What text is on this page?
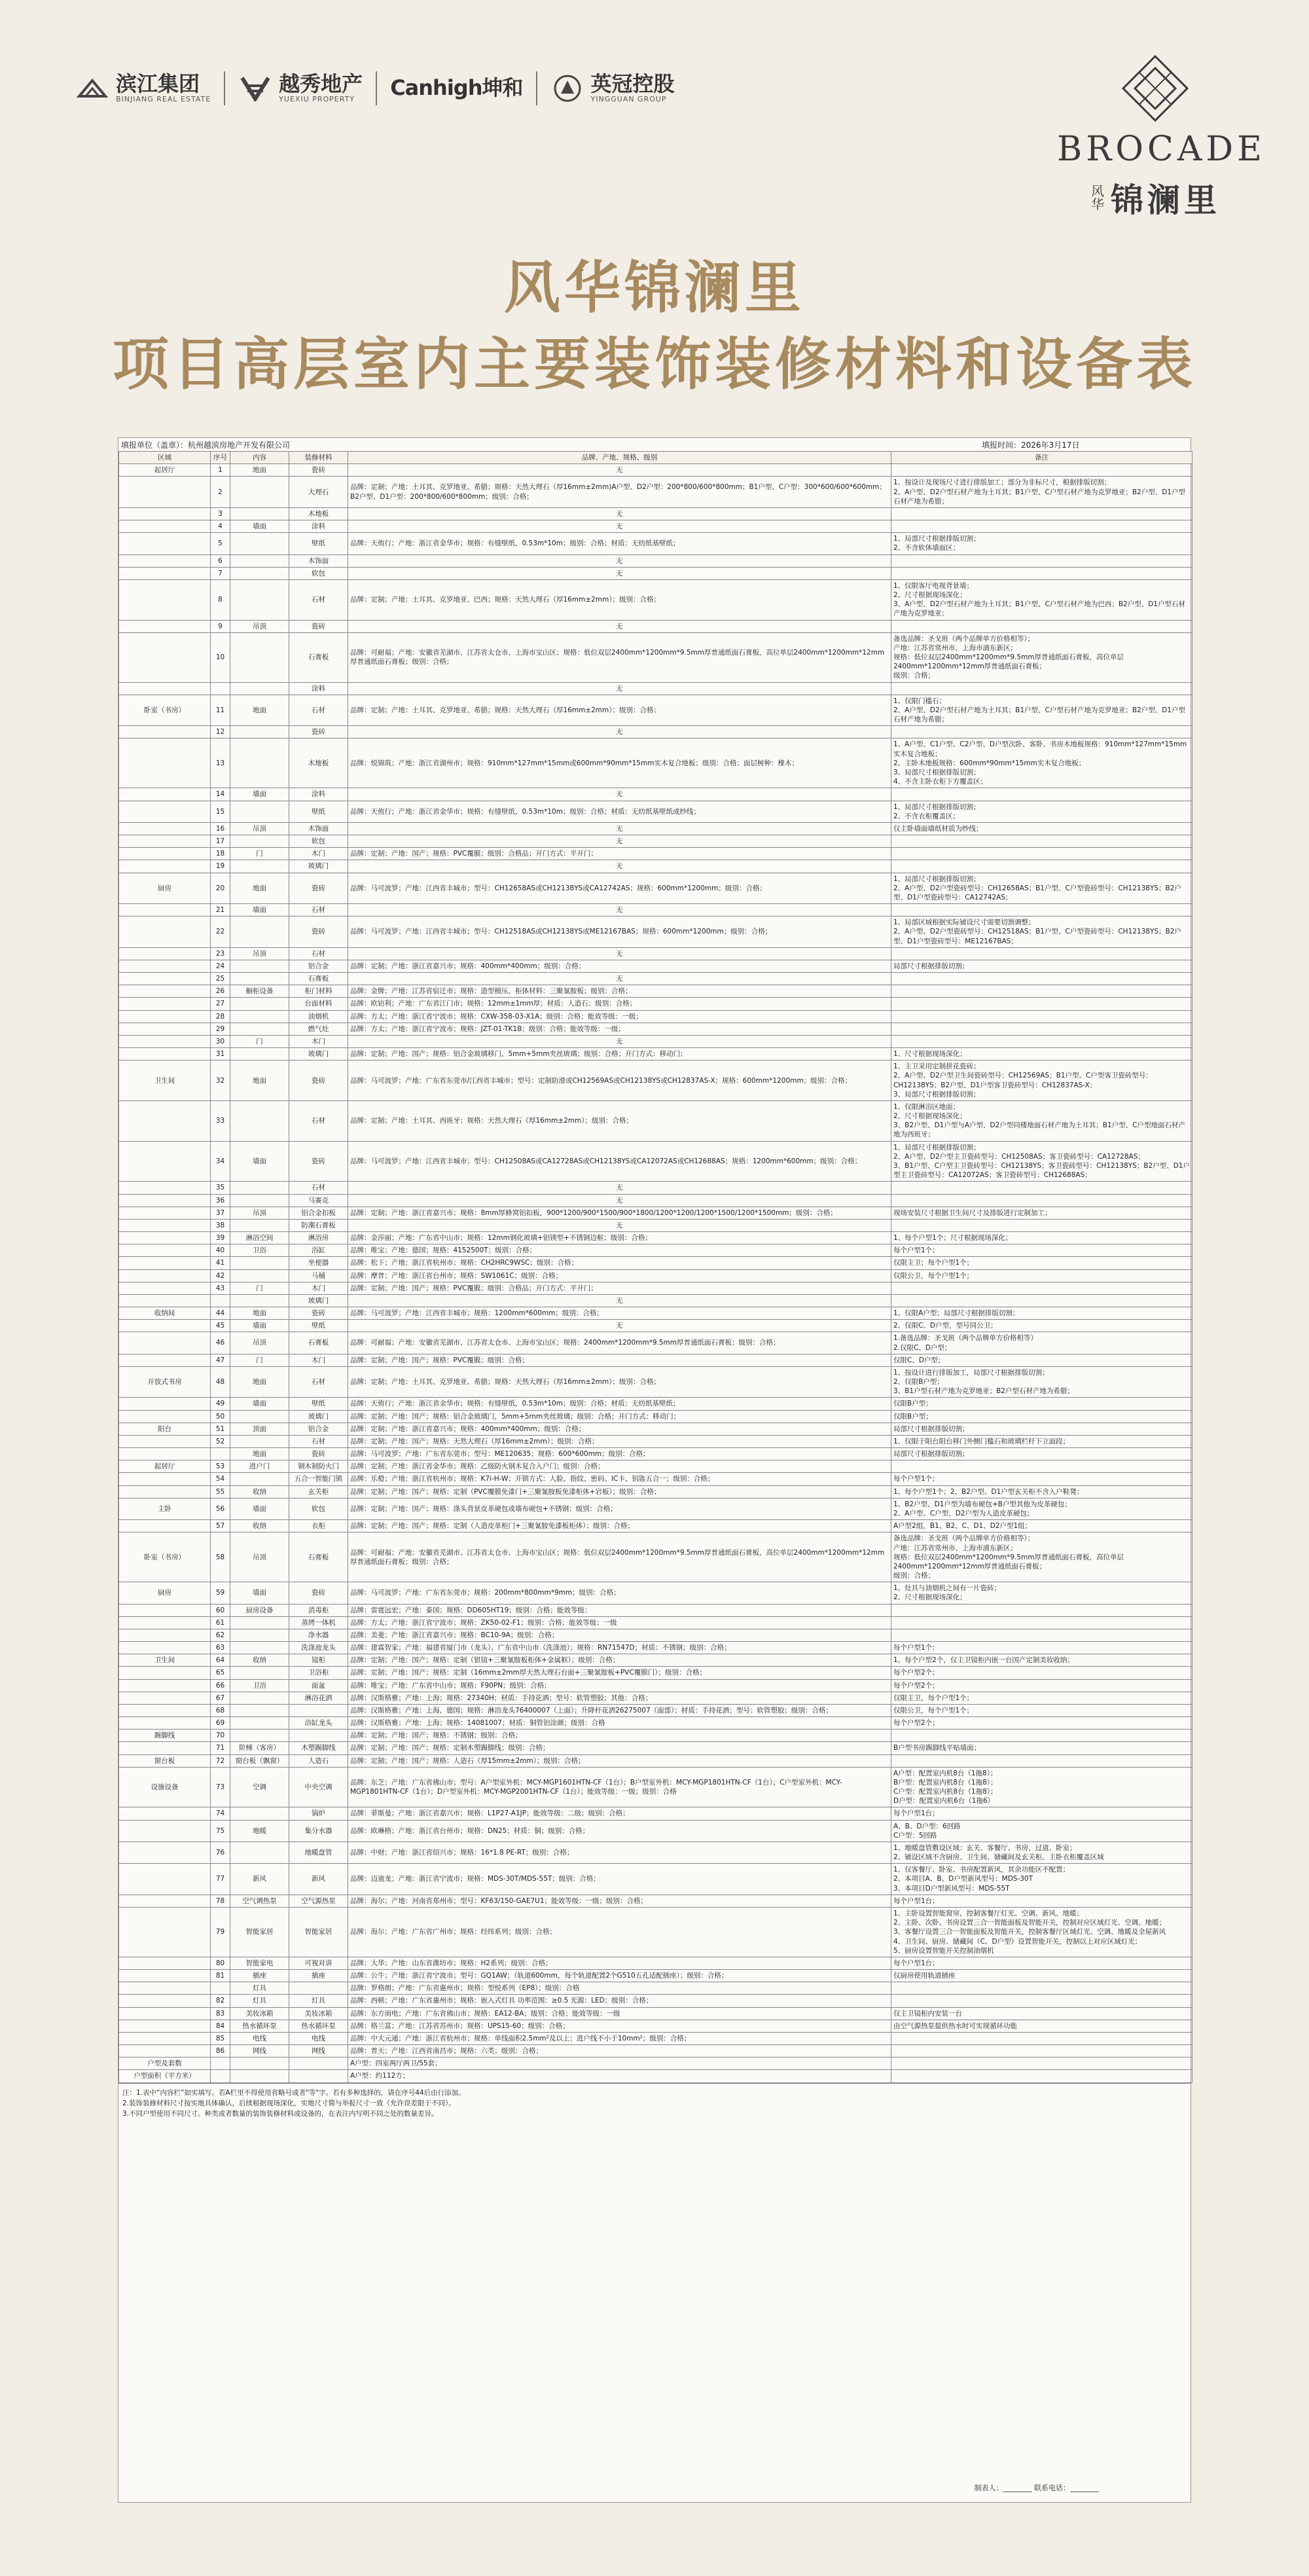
滨江集团
BINJIANG REAL ESTATE
越秀地产
YUEXIU PROPERTY	Canhigh坤和	英冠控股
YINGGUAN GROUP
BROCADE
风华 锦澜里
风华锦澜里
项目高层室内主要装饰装修材料和设备表
填报单位（盖章）：杭州越滨房地产开发有限公司	填报时间：2026年3月17日
区域	序号	内容	装修材料	品牌、产地、规格、级别	备注
起居厅	1	地面	瓷砖	无	
	2		大理石	品牌：定制；产地：土耳其、克罗地亚、希腊；规格：天然大理石（厚16mm±2mm)A户型、D2户型：200*800/600*800mm；B1户型、C户型：300*600/600*600mm；B2户型、D1户型：200*800/600*800mm；级别：合格；	1、按设计及现场尺寸进行排版加工；部分为非标尺寸，根据排版切割；
2、A户型、D2户型石材产地为土耳其；B1户型、C户型石材产地为克罗地亚；B2户型、D1户型石材产地为希腊；
	3		木地板	无	
	4	墙面	涂料	无	
	5		壁纸	品牌：天侑行；产地：浙江省金华市；规格：有缝壁纸，0.53m*10m；级别：合格；材质：无纺纸基壁纸；	1、局部尺寸根据排版切割；
2、不含软体墙面区；
	6		木饰面	无	
	7		软包	无	
	8		石材	品牌：定制；产地：土耳其、克罗地亚、巴西；规格：天然大理石（厚16mm±2mm）；级别：合格；	1、仅限客厅电视背景墙；
2、尺寸根据现场深化；
3、A户型、D2户型石材产地为土耳其；B1户型、C户型石材产地为巴西；B2户型、D1户型石材产地为克罗地亚；
	9	吊顶	瓷砖	无	
	10		石膏板	品牌：可耐福；产地：安徽省芜湖市、江苏省太仓市、上海市宝山区；规格：低位双层2400mm*1200mm*9.5mm厚普通纸面石膏板，高位单层2400mm*1200mm*12mm厚普通纸面石膏板；级别：合格；	备选品牌：圣戈班（两个品牌单方价格相等）；
产地：江苏省常州市、上海市浦东新区；
规格：低位双层2400mm*1200mm*9.5mm厚普通纸面石膏板，高位单层2400mm*1200mm*12mm厚普通纸面石膏板；
级别：合格；
			涂料	无	
卧室（书房）	11	地面	石材	品牌：定制；产地：土耳其、克罗地亚、希腊；规格：天然大理石（厚16mm±2mm）；级别：合格；	1、仅限门槛石；
2、A户型、D2户型石材产地为土耳其；B1户型、C户型石材产地为克罗地亚；B2户型、D1户型石材产地为希腊；
	12		瓷砖	无	
	13		木地板	品牌：悦锦筑；产地：浙江省湖州市；规格：910mm*127mm*15mm或600mm*90mm*15mm实木复合地板；级别：合格；面层树种：橡木；	1、A户型、C1户型、C2户型、D户型次卧、客卧、书房木地板规格：910mm*127mm*15mm实木复合地板；
2、主卧木地板规格：600mm*90mm*15mm实木复合地板；
3、局部尺寸根据排版切割；
4、不含主卧衣柜下方覆盖区；
	14	墙面	涂料	无	
	15		壁纸	品牌：天侑行；产地：浙江省金华市；规格：有缝壁纸，0.53m*10m；级别：合格；材质：无纺纸基壁纸或纱线；	1、局部尺寸根据排版切割；
2、不含衣柜覆盖区；
	16	吊顶	木饰面	无	仅主卧墙面墙纸材质为纱线；
	17		软包	无	
	18	门	木门	品牌：定制；产地：国产；规格：PVC覆膜；级别：合格品；开门方式：平开门；	
	19		玻璃门	无	
厨房	20	地面	瓷砖	品牌：马可波罗；产地：江西省丰城市；型号：CH12658AS或CH12138YS或CA12742AS；规格：600mm*1200mm；级别：合格；	1、局部尺寸根据排版切割；
2、A户型、D2户型瓷砖型号：CH12658AS；B1户型、C户型瓷砖型号：CH12138YS；B2户型、D1户型瓷砖型号：CA12742AS；
	21	墙面	石材	无	
	22		瓷砖	品牌：马可波罗；产地：江西省丰城市；型号：CH12518AS或CH12138YS或ME12167BAS；规格：600mm*1200mm；级别：合格；	1、局部区域根据实际铺设尺寸需要切割调整；
2、A户型、D2户型瓷砖型号：CH12518AS；B1户型、C户型瓷砖型号：CH12138YS；B2户型、D1户型瓷砖型号：ME12167BAS；
	23	吊顶	石材	无	
	24		铝合金	品牌：定制；产地：浙江省嘉兴市；规格：400mm*400mm；级别：合格；	局部尺寸根据排版切割；
	25		石膏板	无	
	26	橱柜设备	柜门材料	品牌：金牌；产地：江苏省宿迁市；规格：造型模压，柜体材料：三聚氰胺板；级别：合格；	
	27		台面材料	品牌：欧铂利；产地：广东省江门市；规格：12mm±1mm厚；材质：人造石；级别：合格；	
	28		油烟机	品牌：方太；产地：浙江省宁波市；规格：CXW-358-03-X1A；级别：合格；能效等级：一级；	
	29		燃气灶	品牌：方太；产地：浙江省宁波市；规格：JZT-01-TK1B；级别：合格；能效等级：一级；	
	30	门	木门	无	
	31		玻璃门	品牌：定制；产地：国产；规格：铝合金玻璃移门，5mm+5mm夹丝玻璃；级别：合格；开门方式：移动门；	1、尺寸根据现场深化；
卫生间	32	地面	瓷砖	品牌：马可波罗；产地：广东省东莞市/江西省丰城市；型号：定制防滑或CH12569AS或CH12138YS或CH12837AS-X；规格：600mm*1200mm；级别：合格；	1、主卫采用定制拼花瓷砖；
2、A户型、D2户型卫生间瓷砖型号：CH12569AS；B1户型、C户型客卫瓷砖型号：CH12138YS；B2户型、D1户型客卫瓷砖型号：CH12837AS-X；
3、局部尺寸根据排版切割；
	33		石材	品牌：定制；产地：土耳其、西班牙；规格：天然大理石（厚16mm±2mm）；级别：合格；	1、仅限淋浴区地面；
2、尺寸根据现场深化；
3、B2户型、D1户型与A户型、D2户型同楼地面石材产地为土耳其；B1户型、C户型地面石材产地为西班牙；
	34	墙面	瓷砖	品牌：马可波罗；产地：江西省丰城市；型号：CH12508AS或CA12728AS或CH12138YS或CA12072AS或CH12688AS；规格：1200mm*600mm；级别：合格；	1、局部尺寸根据排版切割；
2、A户型、D2户型主卫瓷砖型号：CH12508AS；客卫瓷砖型号：CA12728AS；
3、B1户型、C户型主卫瓷砖型号：CH12138YS；客卫瓷砖型号：CH12138YS；B2户型、D1户型主卫瓷砖型号：CA12072AS；客卫瓷砖型号：CH12688AS；
	35		石材	无	
	36		马赛克	无	
	37	吊顶	铝合金扣板	品牌：定制；产地：浙江省嘉兴市；规格：8mm厚蜂窝铝扣板，900*1200/900*1500/900*1800/1200*1200/1200*1500/1200*1500mm；级别：合格；	现场安装尺寸根据卫生间尺寸及排版进行定制加工；
	38		防潮石膏板	无	
	39	淋浴空间	淋浴房	品牌：金莎丽；产地：广东省中山市；规格：12mm钢化玻璃+铝镁型+不锈钢边框；级别：合格；	1、每个户型1个；尺寸根据现场深化；
	40	卫浴	浴缸	品牌：唯宝；产地：德国；规格：4152500T；级别：合格；	每个户型1个；
	41		坐便器	品牌：松下；产地：浙江省杭州市；规格：CH2HRC9WSC；级别：合格；	仅限主卫；每个户型1个；
	42		马桶	品牌：摩普；产地：浙江省台州市；规格：SW1061C；级别：合格；	仅限公卫，每个户型1个；
	43	门	木门	品牌：定制；产地：国产；规格：PVC覆膜；级别：合格品；开门方式：平开门；	
			玻璃门	无	
收纳间	44	地面	瓷砖	品牌：马可波罗；产地：江西省丰城市；规格：1200mm*600mm；级别：合格；	1、仅限A户型；局部尺寸根据排版切割；
	45	墙面	壁纸	无	2、仅限C、D户型，型号同公卫；
	46	吊顶	石膏板	品牌：可耐福；产地：安徽省芜湖市、江苏省太仓市、上海市宝山区；规格：2400mm*1200mm*9.5mm厚普通纸面石膏板；级别：合格；	1.备选品牌：圣戈班（两个品牌单方价格相等）
2.仅限C、D户型；
	47	门	木门	品牌：定制；产地：国产；规格：PVC覆膜；级别：合格；	仅限C、D户型；
开放式书房	48	地面	石材	品牌：定制；产地：土耳其、克罗地亚、希腊；规格：天然大理石（厚16mm±2mm）；级别：合格；	1、按设计进行排版加工，局部尺寸根据排版切割；
2、仅限B户型；
3、B1户型石材产地为克罗地亚；B2户型石材产地为希腊；
	49	墙面	壁纸	品牌：天侑行；产地：浙江省金华市；规格：有缝壁纸，0.53m*10m；级别：合格；材质：无纺纸基壁纸；	仅限B户型；
	50		玻璃门	品牌：定制；产地：国产；规格：铝合金玻璃门，5mm+5mm夹丝玻璃；级别：合格；开门方式：移动门；	仅限B户型；
阳台	51	顶面	铝合金	品牌：定制；产地：浙江省嘉兴市；规格：400mm*400mm；级别：合格；	局部尺寸根据排版切割；
	52		石材	品牌：定制；产地：国产；规格：天然大理石（厚16mm±2mm）；级别：合格；	1、仅限于阳台阳台移门外侧门槛石和玻璃栏杆下立面段；
		地面	瓷砖	品牌：马可波罗；产地：广东省东莞市；型号：ME120635；规格：600*600mm；级别：合格；	局部尺寸根据排版切割；
起居厅	53	进户门	钢木制防火门	品牌：定制；产地：浙江省金华市；规格：乙级防火钢木复合入户门；级别：合格；	
	54		五合一智能门锁	品牌：乐橙；产地：浙江省杭州市；规格：K7i-H-W；开锁方式：人脸、指纹、密码、IC卡、钥匙五合一；级别：合格；	每个户型1个；
	55	收纳	玄关柜	品牌：定制；产地：国产；规格：定制（PVC覆膜免漆门+三聚氰胺板免漆柜体+岩板）；级别：合格；	1、每个户型1个；2、B2户型、D1户型玄关柜不含入户鞋凳；
主卧	56	墙面	软包	品牌：定制；产地：国产；规格：涤头背景皮革硬包或墙布硬包+不锈钢；级别：合格；	1、B2户型、D1户型为墙布硬包+B户型其他为皮革硬包；
2、A户型、C户型、D2户型为人造皮革硬包；
	57	收纳	衣柜	品牌：定制；产地：国产；规格：定制（人造皮革柜门+三聚氰胺免漆板柜体）；级别：合格；	A户型2组，B1、B2、C、D1、D2户型1组；
卧室（书房）	58	吊顶	石膏板	品牌：可耐福；产地：安徽省芜湖市、江苏省太仓市、上海市宝山区；规格：低位双层2400mm*1200mm*9.5mm厚普通纸面石膏板，高位单层2400mm*1200mm*12mm厚普通纸面石膏板；级别：合格；	备选品牌：圣戈班（两个品牌单方价格相等）；
产地：江苏省常州市、上海市浦东新区；
规格：低位双层2400mm*1200mm*9.5mm厚普通纸面石膏板，高位单层2400mm*1200mm*12mm厚普通纸面石膏板；
级别：合格；
厨房	59	墙面	瓷砖	品牌：马可波罗；产地：广东省东莞市；规格：200mm*800mm*9mm；级别：合格；	1、灶具与油烟机之间有一片瓷砖；
2、尺寸根据现场深化；
	60	厨房设备	消毒柜	品牌：雷霆远宏；产地：泰国；规格：DD605HT19；级别：合格；能效等级：	
	61		蒸烤一体机	品牌：方太；产地：浙江省宁波市；规格：ZK50-02-F1；级别：合格；能效等级：一级	
	62		净水器	品牌：美菱；产地：浙江省嘉兴市；规格：BC10-9A；级别：合格；	
	63		洗涤池龙头	品牌：建霖智家；产地：福建省厦门市（龙头）、广东省中山市（洗涤池）；规格：RN71547D；材质：不锈钢；级别：合格；	每个户型1个；
卫生间	64	收纳	镜柜	品牌：定制；产地：国产；规格：定制（银镜+三聚氰胺板柜体+金属框）；级别：合格；	1、每个户型2个，仅主卫镜柜内嵌一台国产定制美妆收纳；
	65		卫浴柜	品牌：定制；产地：国产；规格：定制（16mm±2mm厚天然大理石台面+三聚氰胺板+PVC覆膜门）；级别：合格；	每个户型2个；
	66	卫浴	面盆	品牌：唯宝；产地：广东省中山市；规格：F90PN；级别：合格；	每个户型2个；
	67		淋浴花洒	品牌：汉斯格雅；产地：上海；规格：27340H；材质：手持花洒；型号：软管塑胶；其他：合格；	仅限主卫，每个户型1个；
	68			品牌：汉斯格雅；产地：上海、德国；规格：淋浴龙头76400007（上面）；升降杆花洒26275007（面部）；材质：手持花洒；型号：软管塑胶；级别：合格；	仅限公卫，每个户型1个；
	69		浴缸龙头	品牌：汉斯格雅；产地：上海；规格：14081007；材质：铜管铝涂颜；级别：合格	每个户型2个；
踢脚线	70			品牌：定制；产地：国产；规格：不锈钢；级别：合格；	
	71	阶梯（客房）	木塑踢脚线	品牌：定制；产地：国产；规格：定制木塑踢脚线；级别：合格；	B户型书房踢脚线平贴墙面；
窗台板	72	窗台板（飘窗）	人造石	品牌：定制；产地：国产；规格：人造石（厚15mm±2mm）；级别：合格；	
设施设备	73	空调	中央空调	品牌：东芝；产地：广东省佛山市；型号：A户型室外机：MCY-MGP1601HTN-CF（1台）；B户型室外机：MCY-MGP1801HTN-CF（1台）；C户型室外机：MCY-MGP1801HTN-CF（1台）；D户型室外机：MCY-MGP2001HTN-CF（1台）；能效等级：一级；级别：合格	A户型：配置室内机8台（1拖8）；
B户型：配置室内机8台（1拖8）；
C户型：配置室内机8台（1拖8）；
D户型：配置室内机6台（1拖6）
	74		锅炉	品牌：菲斯曼；产地：浙江省嘉兴市；规格：L1P27-A1JP；能效等级：二级；级别：合格；	每个户型1台；
	75	地暖	集分水器	品牌：欧琳格；产地：浙江省台州市；规格：DN25；材质：铜；级别：合格；	A、B、D户型：6回路
C户型：5回路
	76		地暖盘管	品牌：中财；产地：浙江省绍兴市；规格：16*1.8 PE-RT；级别：合格；	1、地暖盘管敷设区域：玄关、客餐厅、书房、过道、卧室；
2、铺设区域不含厨房、卫生间、储藏间及玄关柜、主卧衣柜覆盖区域
	77	新风	新风	品牌：迈迪龙；产地：浙江省宁波市；规格：MDS-30T/MDS-55T；级别：合格；	1、仅客餐厅、卧室、书房配置新风，其余功能区不配置；
2、本项目A、B、D户型新风型号：MDS-30T
3、本项目D户型新风型号：MDS-55T
	78	空气调热泵	空气源热泵	品牌：海尔；产地：河南省郑州市；型号：KF63/150-GAE7U1；能效等级：一级；级别：合格；	每个户型1台；
	79	智能家居	智能家居	品牌：海尔；产地：广东省广州市；规格：经纬系列；级别：合格；	1、主卧设置智能窗帘，控制客餐厅灯光、空调、新风、地暖；
2、主卧、次卧、书房设置三合一智能面板及智能开关，控制对应区域灯光、空调、地暖；
3、客餐厅设置三合一智能面板及智能开关，控制客餐厅区域灯光、空调、地暖及全屋新风
4、卫生间、厨房、储藏间（C、D户型）设置智能开关，控制以上对应区域灯光；
5、厨房设置智能开关控制油烟机
	80	智能家电	可视对讲	品牌：大华；产地：山东省潍坊市；规格：H2系列；级别：合格；	每个户型1台；
	81	插座	插座	品牌：公牛；产地：浙江省宁波市；型号：GQ1AW；（轨道600mm，每个轨道配置2个G510五孔适配插座）；级别：合格；	仅厨房使用轨道插座
		灯具		品牌：罗格朗；产地：广东省惠州市；规格：型悦系列（EP8）；级别：合格	
	82	灯具	灯具	品牌：西顿；产地：广东省惠州市；规格：嵌入式灯具 功率范围：≥0.5 光源：LED；级别：合格；	
	83	美妆冰箱	美妆冰箱	品牌：东方雨电；产地：广东省佛山市；规格：EA12-BA；级别：合格；能效等级：一级	仅主卫镜柜内安装一台
	84	热水循环泵	热水循环泵	品牌：格兰富；产地：江苏省苏州市；规格：UPS15-60；级别：合格；	由空气源热泵提供热水时可实现循环功能
	85	电线	电线	品牌：中大元通；产地：浙江省杭州市；规格：单线面积2.5mm²及以上；进户线不小于10mm²；级别：合格；	
	86	网线	网线	品牌：普天；产地：江西省南昌市；规格：六类；级别：合格；	
户型及套数				A户型：四室两厅两卫/55套；	
户型面积（平方米）				A户型：约112方；	
注：1.表中“内容栏”如实填写。若A栏里不得使用省略号或者"等"字。若有多种选择的，请在序号44后由行添加。
2.装饰装修材料尺寸按实地具体确认，后续根据现场深化，实地尺寸简与举报尺寸一致（允许误差限于不同）。
3.不同户型使用不同尺寸。种类或者数量的装饰装修材料或设备的，在表注内写明不同之处的数量差异。
制表人：________ 联系电话：________
